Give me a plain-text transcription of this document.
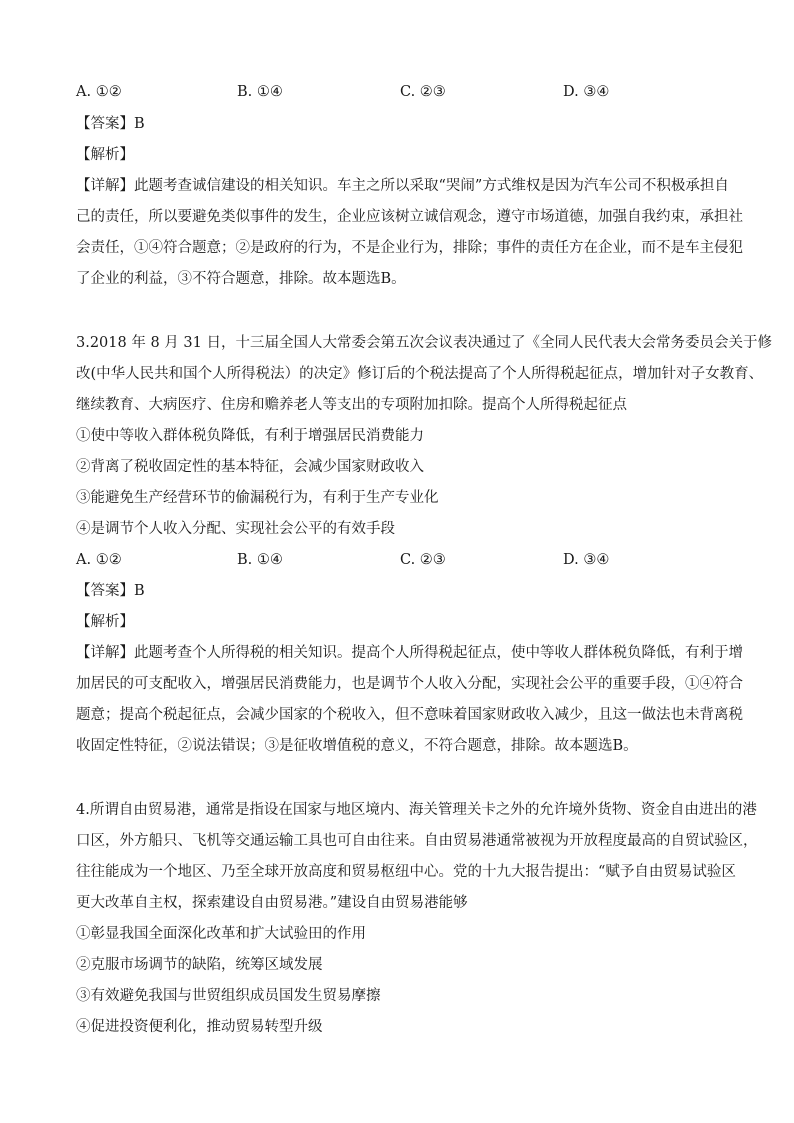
A. ①②	B. ①④	C. ②③	D. ③④
【答案】B
【解析】
【详解】此题考查诚信建设的相关知识。车主之所以采取“哭闹”方式维权是因为汽车公司不积极承担自
己的责任，所以要避免类似事件的发生，企业应该树立诚信观念，遵守市场道德，加强自我约束，承担社
会责任，①④符合题意；②是政府的行为，不是企业行为，排除；事件的责任方在企业，而不是车主侵犯
了企业的利益，③不符合题意，排除。故本题选B。
3.2018 年 8 月 31 日，十三届全国人大常委会第五次会议表决通过了《全同人民代表大会常务委员会关于修
改(中华人民共和国个人所得税法）的决定》修订后的个税法提高了个人所得税起征点，增加针对子女教育、
继续教育、大病医疗、住房和赡养老人等支出的专项附加扣除。提高个人所得税起征点
①使中等收入群体税负降低，有利于增强居民消费能力
②背离了税收固定性的基本特征，会减少国家财政收入
③能避免生产经营环节的偷漏税行为，有利于生产专业化
④是调节个人收入分配、实现社会公平的有效手段
A. ①②	B. ①④	C. ②③	D. ③④
【答案】B
【解析】
【详解】此题考查个人所得税的相关知识。提高个人所得税起征点，使中等收人群体税负降低，有利于增
加居民的可支配收入，增强居民消费能力，也是调节个人收入分配，实现社会公平的重要手段，①④符合
题意；提高个税起征点，会减少国家的个税收入，但不意味着国家财政收入减少，且这一做法也未背离税
收固定性特征，②说法错误；③是征收增值税的意义，不符合题意，排除。故本题选B。
4.所谓自由贸易港，通常是指设在国家与地区境内、海关管理关卡之外的允许境外货物、资金自由进出的港
口区，外方船只、飞机等交通运输工具也可自由往来。自由贸易港通常被视为开放程度最高的自贸试验区，
往往能成为一个地区、乃至全球开放高度和贸易枢纽中心。党的十九大报告提出：“赋予自由贸易试验区
更大改革自主权，探索建设自由贸易港。”建设自由贸易港能够
①彰显我国全面深化改革和扩大试验田的作用
②克服市场调节的缺陷，统筹区域发展
③有效避免我国与世贸组织成员国发生贸易摩擦
④促进投资便利化，推动贸易转型升级
